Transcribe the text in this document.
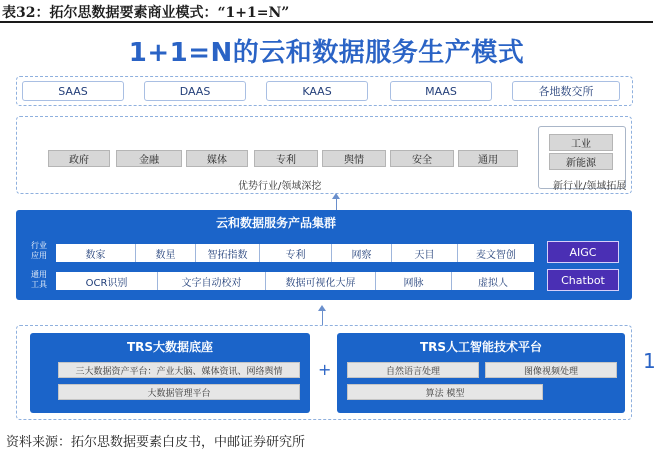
表32：拓尔思数据要素商业模式：“1+1=N”
1+1=N的云和数据服务生产模式
SAAS	DAAS	KAAS	MAAS	各地数交所
政府	金融	媒体	专利	舆情	安全	通用
优势行业/领域深挖
工业
新能源
新行业/领域拓展
云和数据服务产品集群
行业应用	数家	数星	智拓指数	专利	网察	天目	麦文智创
通用工具	OCR识别	文字自动校对	数据可视化大屏	网脉	虚拟人
AIGC
Chatbot
TRS大数据底座
三大数据资产平台：产业大脑、媒体资讯、网络舆情
大数据管理平台
+
TRS人工智能技术平台
自然语言处理	图像视频处理
算法 模型
1
资料来源：拓尔思数据要素白皮书，中邮证券研究所
